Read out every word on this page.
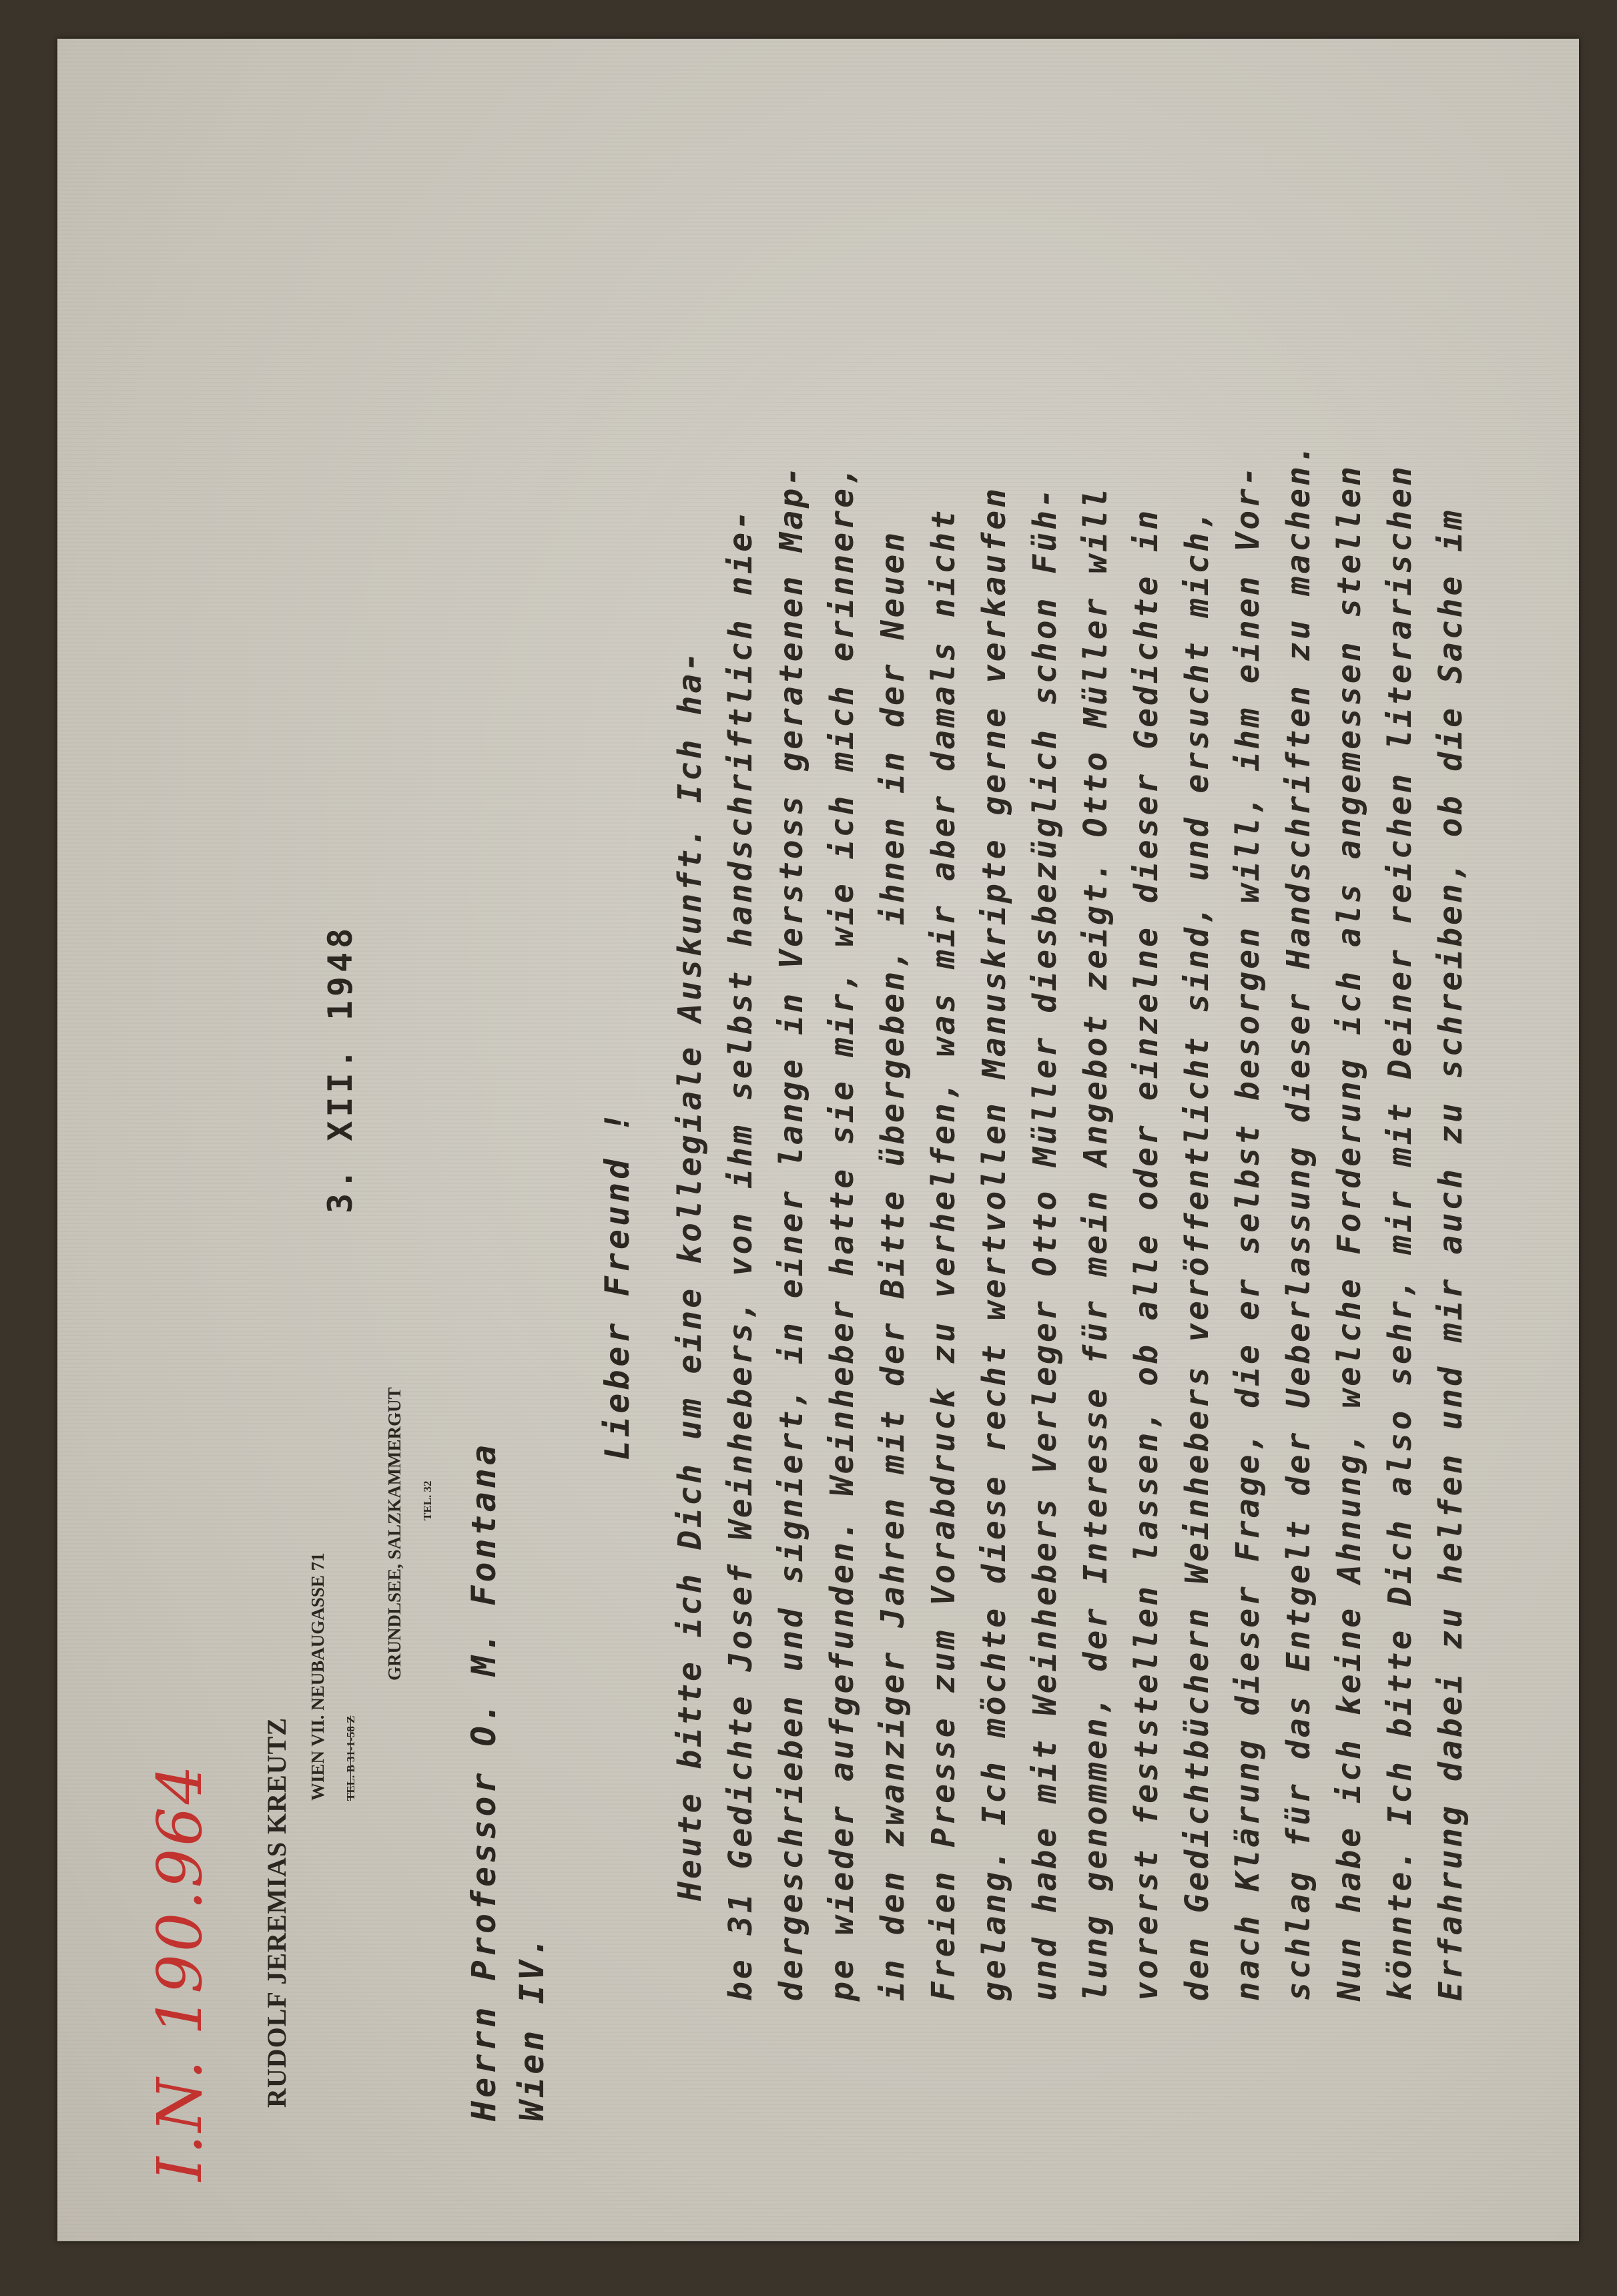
I.N. 190.964 RUDOLF JEREMIAS KREUTZ
WIEN VII. NEUBAUGASSE 71 TEL. B 31-1-58 Z
GRUNDLSEE, SALZKAMMERGUT TEL. 32
3. XII. 1948
Herrn Professor O. M. Fontana Wien IV.
Lieber Freund ! Heute bitte ich Dich um eine kollegiale Auskunft. Ich ha- be 31 Gedichte Josef Weinhebers, von ihm selbst handschriftlich nie- dergeschrieben und signiert, in einer lange in Verstoss geratenen Map- pe wieder aufgefunden. Weinheber hatte sie mir, wie ich mich erinnere, in den zwanziger Jahren mit der Bitte übergeben, ihnen in der Neuen Freien Presse zum Vorabdruck zu verhelfen, was mir aber damals nicht gelang. Ich möchte diese recht wertvollen Manuskripte gerne verkaufen und habe mit Weinhebers Verleger Otto Müller diesbezüglich schon Füh- lung genommen, der Interesse für mein Angebot zeigt. Otto Müller will vorerst feststellen lassen, ob alle oder einzelne dieser Gedichte in den Gedichtbüchern Weinhebers veröffentlicht sind, und ersucht mich, nach Klärung dieser Frage, die er selbst besorgen will, ihm einen Vor- schlag für das Entgelt der Ueberlassung dieser Handschriften zu machen. Nun habe ich keine Ahnung, welche Forderung ich als angemessen stellen könnte. Ich bitte Dich also sehr, mir mit Deiner reichen literarischen Erfahrung dabei zu helfen und mir auch zu schreiben, ob die Sache im
